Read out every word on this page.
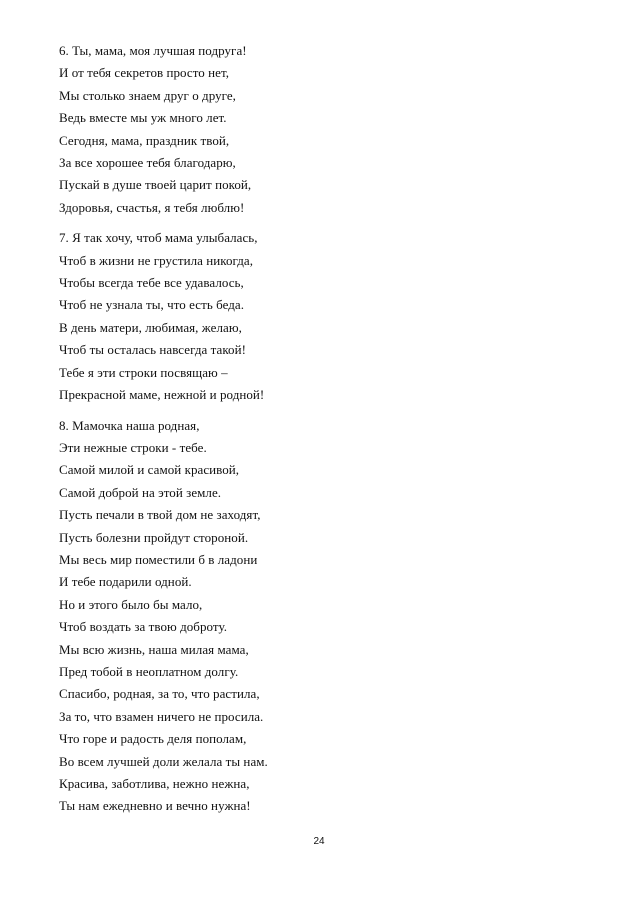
6. Ты, мама, моя лучшая подруга!
И от тебя секретов просто нет,
Мы столько знаем друг о друге,
Ведь вместе мы уж много лет.
Сегодня, мама, праздник твой,
За все хорошее тебя благодарю,
Пускай в душе твоей царит покой,
Здоровья, счастья, я тебя люблю!
7. Я так хочу, чтоб мама улыбалась,
Чтоб в жизни не грустила никогда,
Чтобы всегда тебе все удавалось,
Чтоб не узнала ты, что есть беда.
В день матери, любимая, желаю,
Чтоб ты осталась навсегда такой!
Тебе я эти строки посвящаю –
Прекрасной маме, нежной и родной!
8. Мамочка наша родная,
Эти нежные строки - тебе.
Самой милой и самой красивой,
Самой доброй на этой земле.
Пусть печали в твой дом не заходят,
Пусть болезни пройдут стороной.
Мы весь мир поместили б в ладони
И тебе подарили одной.
Но и этого было бы мало,
Чтоб воздать за твою доброту.
Мы всю жизнь, наша милая мама,
Пред тобой в неоплатном долгу.
Спасибо, родная, за то, что растила,
За то, что взамен ничего не просила.
Что горе и радость деля пополам,
Во всем лучшей доли желала ты нам.
Красива, заботлива, нежно нежна,
Ты нам ежедневно и вечно нужна!
24
